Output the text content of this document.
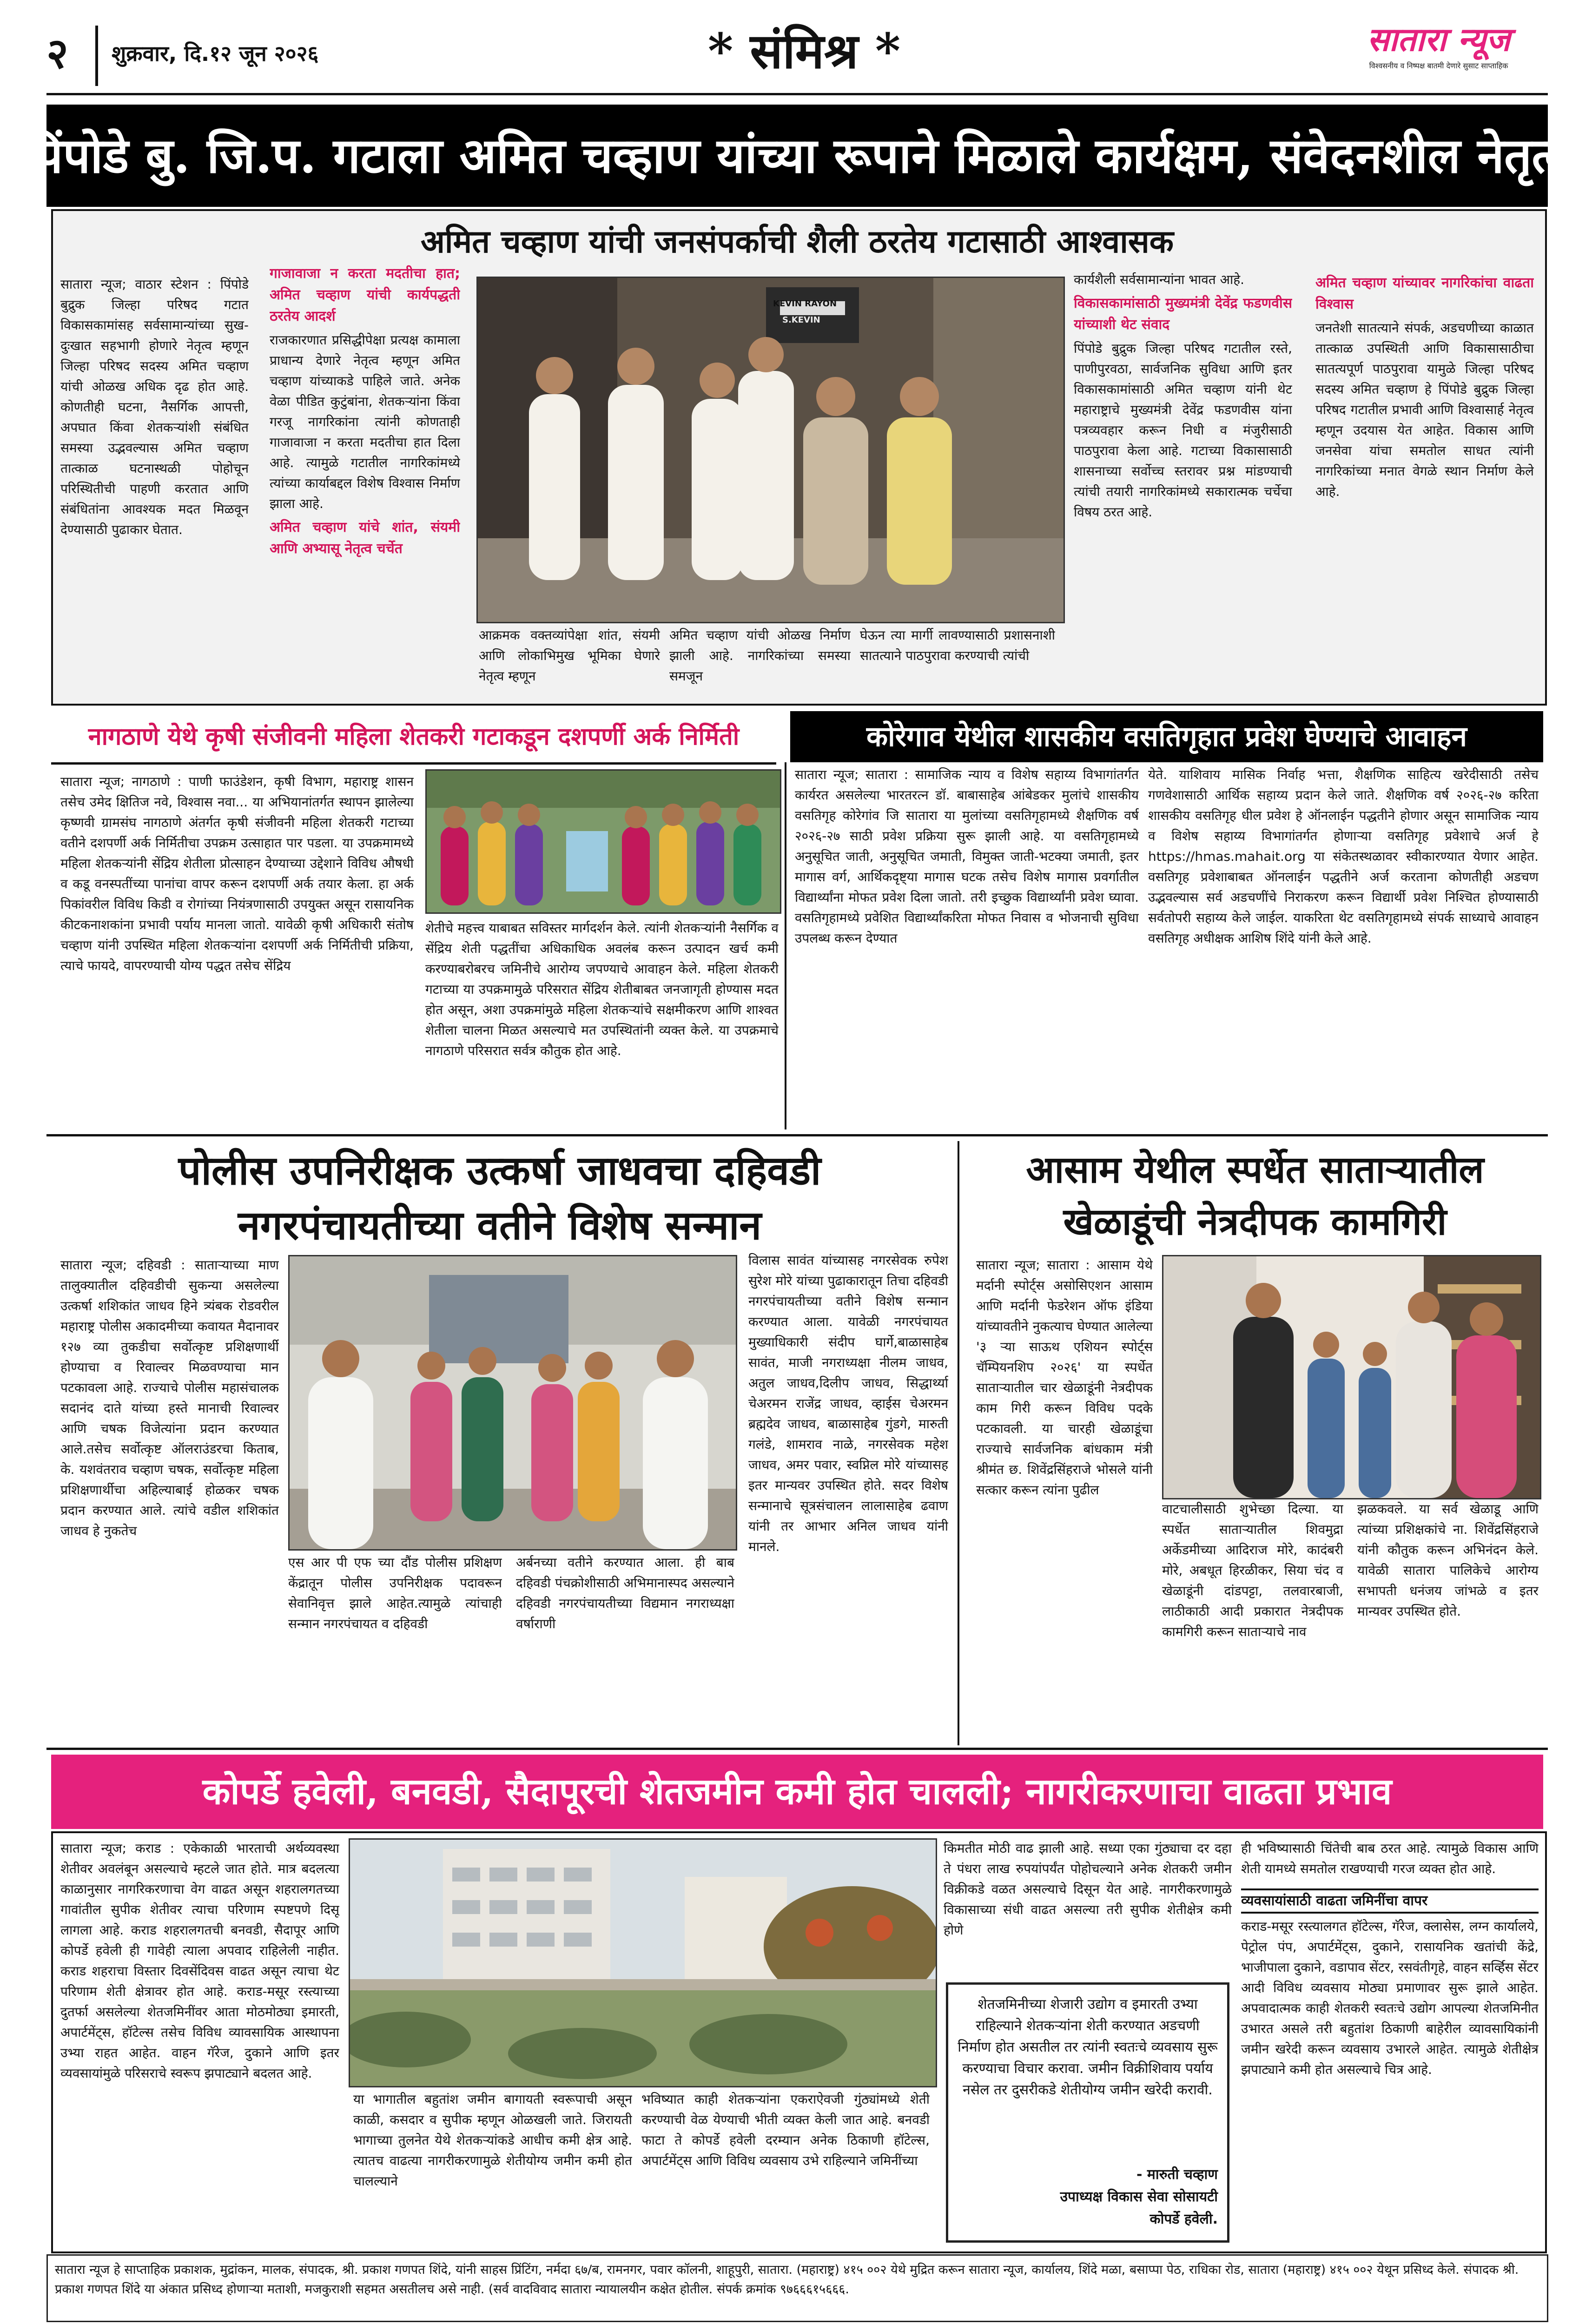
२ शुक्रवार, दि.१२ जून २०२६	* संमिश्र *	सातारा न्यूज
विश्वसनीय व निष्पक्ष बातमी देणारे सुसाट साप्ताहिक
पिंपोडे बु. जि.प. गटाला अमित चव्हाण यांच्या रूपाने मिळाले कार्यक्षम, संवेदनशील नेतृत्व
अमित चव्हाण यांची जनसंपर्काची शैली ठरतेय गटासाठी आश्वासक

सातारा न्यूज; वाठार स्टेशन : पिंपोडे बुद्रुक जिल्हा परिषद गटात विकासकामांसह सर्वसामान्यांच्या सुख-दुःखात सहभागी होणारे नेतृत्व म्हणून जिल्हा परिषद सदस्य अमित चव्हाण यांची ओळख अधिक दृढ होत आहे. कोणतीही घटना, नैसर्गिक आपत्ती, अपघात किंवा शेतकऱ्यांशी संबंधित समस्या उद्भवल्यास अमित चव्हाण तात्काळ घटनास्थळी पोहोचून परिस्थितीची पाहणी करतात आणि संबंधितांना आवश्यक मदत मिळवून देण्यासाठी पुढाकार घेतात.

गाजावाजा न करता मदतीचा हात; अमित चव्हाण यांची कार्यपद्धती ठरतेय आदर्श

राजकारणात प्रसिद्धीपेक्षा प्रत्यक्ष कामाला प्राधान्य देणारे नेतृत्व म्हणून अमित चव्हाण यांच्याकडे पाहिले जाते. अनेक वेळा पीडित कुटुंबांना, शेतकऱ्यांना किंवा गरजू नागरिकांना त्यांनी कोणताही गाजावाजा न करता मदतीचा हात दिला आहे. त्यामुळे गटातील नागरिकांमध्ये त्यांच्या कार्याबद्दल विशेष विश्वास निर्माण झाला आहे.

अमित चव्हाण यांचे शांत, संयमी आणि अभ्यासू नेतृत्व चर्चेत
KEVIN RAYON
S.KEVIN

आक्रमक वक्तव्यांपेक्षा शांत, संयमी आणि लोकाभिमुख भूमिका घेणारे नेतृत्व म्हणून

अमित चव्हाण यांची ओळख निर्माण झाली आहे. नागरिकांच्या समस्या समजून

घेऊन त्या मार्गी लावण्यासाठी प्रशासनाशी सातत्याने पाठपुरावा करण्याची त्यांची

कार्यशैली सर्वसामान्यांना भावत आहे.

विकासकामांसाठी मुख्यमंत्री देवेंद्र फडणवीस यांच्याशी थेट संवाद

पिंपोडे बुद्रुक जिल्हा परिषद गटातील रस्ते, पाणीपुरवठा, सार्वजनिक सुविधा आणि इतर विकासकामांसाठी अमित चव्हाण यांनी थेट महाराष्ट्राचे मुख्यमंत्री देवेंद्र फडणवीस यांना पत्रव्यवहार करून निधी व मंजुरीसाठी पाठपुरावा केला आहे. गटाच्या विकासासाठी शासनाच्या सर्वोच्च स्तरावर प्रश्न मांडण्याची त्यांची तयारी नागरिकांमध्ये सकारात्मक चर्चेचा विषय ठरत आहे.

अमित चव्हाण यांच्यावर नागरिकांचा वाढता विश्वास

जनतेशी सातत्याने संपर्क, अडचणीच्या काळात तात्काळ उपस्थिती आणि विकासासाठीचा सातत्यपूर्ण पाठपुरावा यामुळे जिल्हा परिषद सदस्य अमित चव्हाण हे पिंपोडे बुद्रुक जिल्हा परिषद गटातील प्रभावी आणि विश्वासार्ह नेतृत्व म्हणून उदयास येत आहेत. विकास आणि जनसेवा यांचा समतोल साधत त्यांनी नागरिकांच्या मनात वेगळे स्थान निर्माण केले आहे.

नागठाणे येथे कृषी संजीवनी महिला शेतकरी गटाकडून दशपर्णी अर्क निर्मिती	कोरेगाव येथील शासकीय वसतिगृहात प्रवेश घेण्याचे आवाहन

सातारा न्यूज; नागठाणे : पाणी फाउंडेशन, कृषी विभाग, महाराष्ट्र शासन तसेच उमेद क्षितिज नवे, विश्वास नवा... या अभियानांतर्गत स्थापन झालेल्या कृष्णवी ग्रामसंघ नागठाणे अंतर्गत कृषी संजीवनी महिला शेतकरी गटाच्या वतीने दशपर्णी अर्क निर्मितीचा उपक्रम उत्साहात पार पडला. या उपक्रमामध्ये महिला शेतकऱ्यांनी सेंद्रिय शेतीला प्रोत्साहन देण्याच्या उद्देशाने विविध औषधी व कडू वनस्पतींच्या पानांचा वापर करून दशपर्णी अर्क तयार केला. हा अर्क पिकांवरील विविध किडी व रोगांच्या नियंत्रणासाठी उपयुक्त असून रासायनिक कीटकनाशकांना प्रभावी पर्याय मानला जातो. यावेळी कृषी अधिकारी संतोष चव्हाण यांनी उपस्थित महिला शेतकऱ्यांना दशपर्णी अर्क निर्मितीची प्रक्रिया, त्याचे फायदे, वापरण्याची योग्य पद्धत तसेच सेंद्रिय

शेतीचे महत्त्व याबाबत सविस्तर मार्गदर्शन केले. त्यांनी शेतकऱ्यांनी नैसर्गिक व सेंद्रिय शेती पद्धतींचा अधिकाधिक अवलंब करून उत्पादन खर्च कमी करण्याबरोबरच जमिनीचे आरोग्य जपण्याचे आवाहन केले. महिला शेतकरी गटाच्या या उपक्रमामुळे परिसरात सेंद्रिय शेतीबाबत जनजागृती होण्यास मदत होत असून, अशा उपक्रमांमुळे महिला शेतकऱ्यांचे सक्षमीकरण आणि शाश्वत शेतीला चालना मिळत असल्याचे मत उपस्थितांनी व्यक्त केले. या उपक्रमाचे नागठाणे परिसरात सर्वत्र कौतुक होत आहे.

सातारा न्यूज; सातारा : सामाजिक न्याय व विशेष सहाय्य विभागांतर्गत कार्यरत असलेल्या भारतरत्न डॉ. बाबासाहेब आंबेडकर मुलांचे शासकीय वसतिगृह कोरेगांव जि सातारा या मुलांच्या वसतिगृहामध्ये शैक्षणिक वर्ष २०२६-२७ साठी प्रवेश प्रक्रिया सुरू झाली आहे. या वसतिगृहामध्ये अनुसूचित जाती, अनुसूचित जमाती, विमुक्त जाती-भटक्या जमाती, इतर मागास वर्ग, आर्थिकदृष्ट्या मागास घटक तसेच विशेष मागास प्रवर्गातील विद्यार्थ्यांना मोफत प्रवेश दिला जातो. तरी इच्छुक विद्यार्थ्यांनी प्रवेश घ्यावा. वसतिगृहामध्ये प्रवेशित विद्यार्थ्यांकरिता मोफत निवास व भोजनाची सुविधा उपलब्ध करून देण्यात

येते. याशिवाय मासिक निर्वाह भत्ता, शैक्षणिक साहित्य खरेदीसाठी तसेच गणवेशासाठी आर्थिक सहाय्य प्रदान केले जाते. शैक्षणिक वर्ष २०२६-२७ करिता शासकीय वसतिगृह धील प्रवेश हे ऑनलाईन पद्धतीने होणार असून सामाजिक न्याय व विशेष सहाय्य विभागांतर्गत होणाऱ्या वसतिगृह प्रवेशाचे अर्ज हे https://hmas.mahait.org या संकेतस्थळावर स्वीकारण्यात येणार आहेत. वसतिगृह प्रवेशाबाबत ऑनलाईन पद्धतीने अर्ज करताना कोणतीही अडचण उद्भवल्यास सर्व अडचणींचे निराकरण करून विद्यार्थी प्रवेश निश्चित होण्यासाठी सर्वतोपरी सहाय्य केले जाईल. याकरिता थेट वसतिगृहामध्ये संपर्क साध्याचे आवाहन वसतिगृह अधीक्षक आशिष शिंदे यांनी केले आहे.

पोलीस उपनिरीक्षक उत्कर्षा जाधवचा दहिवडी
नगरपंचायतीच्या वतीने विशेष सन्मान

सातारा न्यूज; दहिवडी : साताऱ्याच्या माण तालुक्यातील दहिवडीची सुकन्या असलेल्या उत्कर्षा शशिकांत जाधव हिने त्र्यंबक रोडवरील महाराष्ट्र पोलीस अकादमीच्या कवायत मैदानावर १२७ व्या तुकडीचा सर्वोत्कृष्ट प्रशिक्षणार्थी होण्याचा व रिवाल्वर मिळवण्याचा मान पटकावला आहे. राज्याचे पोलीस महासंचालक सदानंद दाते यांच्या हस्ते मानाची रिवाल्वर आणि चषक विजेत्यांना प्रदान करण्यात आले.तसेच सर्वोत्कृष्ट ऑलराउंडरचा किताब, के. यशवंतराव चव्हाण चषक, सर्वोत्कृष्ट महिला प्रशिक्षणार्थीचा अहिल्याबाई होळकर चषक प्रदान करण्यात आले. त्यांचे वडील शशिकांत जाधव हे नुकतेच

एस आर पी एफ च्या दौंड पोलीस प्रशिक्षण केंद्रातून पोलीस उपनिरीक्षक पदावरून सेवानिवृत्त झाले आहेत.त्यामुळे त्यांचाही सन्मान नगरपंचायत व दहिवडी

अर्बनच्या वतीने करण्यात आला. ही बाब दहिवडी पंचक्रोशीसाठी अभिमानास्पद असल्याने दहिवडी नगरपंचायतीच्या विद्यमान नगराध्यक्षा वर्षाराणी

विलास सावंत यांच्यासह नगरसेवक रुपेश सुरेश मोरे यांच्या पुढाकारातून तिचा दहिवडी नगरपंचायतीच्या वतीने विशेष सन्मान करण्यात आला. यावेळी नगरपंचायत मुख्याधिकारी संदीप घार्गे,बाळासाहेब सावंत, माजी नगराध्यक्षा नीलम जाधव, अतुल जाधव,दिलीप जाधव, सिद्धार्थ्या चेअरमन राजेंद्र जाधव, व्हाईस चेअरमन ब्रह्मदेव जाधव, बाळासाहेब गुंडगे, मारुती गलंडे, शामराव नाळे, नगरसेवक महेश जाधव, अमर पवार, स्वप्निल मोरे यांच्यासह इतर मान्यवर उपस्थित होते. सदर विशेष सन्मानाचे सूत्रसंचालन लालासाहेब ढवाण यांनी तर आभार अनिल जाधव यांनी मानले.

आसाम येथील स्पर्धेत साताऱ्यातील
खेळाडूंची नेत्रदीपक कामगिरी

सातारा न्यूज; सातारा : आसाम येथे मर्दानी स्पोर्ट्स असोसिएशन आसाम आणि मर्दानी फेडरेशन ऑफ इंडिया यांच्यावतीने नुकत्याच घेण्यात आलेल्या '३ ऱ्या साऊथ एशियन स्पोर्ट्स चॅम्पियनशिप २०२६' या स्पर्धेत साताऱ्यातील चार खेळाडूंनी नेत्रदीपक काम गिरी करून विविध पदके पटकावली. या चारही खेळाडूंचा राज्याचे सार्वजनिक बांधकाम मंत्री श्रीमंत छ. शिवेंद्रसिंहराजे भोसले यांनी सत्कार करून त्यांना पुढील

वाटचालीसाठी शुभेच्छा दिल्या. या स्पर्धेत साताऱ्यातील शिवमुद्रा अर्केडमीच्या आदिराज मोरे, कादंबरी मोरे, अबधूत हिरळीकर, सिया चंद व खेळाडूंनी दांडपट्टा, तलवारबाजी, लाठीकाठी आदी प्रकारात नेत्रदीपक कामगिरी करून साताऱ्याचे नाव

झळकवले. या सर्व खेळाडू आणि त्यांच्या प्रशिक्षकांचे ना. शिवेंद्रसिंहराजे यांनी कौतुक करून अभिनंदन केले. यावेळी सातारा पालिकेचे आरोग्य सभापती धनंजय जांभळे व इतर मान्यवर उपस्थित होते.

कोपर्डे हवेली, बनवडी, सैदापूरची शेतजमीन कमी होत चालली; नागरीकरणाचा वाढता प्रभाव

सातारा न्यूज; कराड : एकेकाळी भारताची अर्थव्यवस्था शेतीवर अवलंबून असल्याचे म्हटले जात होते. मात्र बदलत्या काळानुसार नागरिकरणाचा वेग वाढत असून शहरालगतच्या गावांतील सुपीक शेतीवर त्याचा परिणाम स्पष्टपणे दिसू लागला आहे. कराड शहरालगतची बनवडी, सैदापूर आणि कोपर्डे हवेली ही गावेही त्याला अपवाद राहिलेली नाहीत. कराड शहराचा विस्तार दिवसेंदिवस वाढत असून त्याचा थेट परिणाम शेती क्षेत्रावर होत आहे. कराड-मसूर रस्त्याच्या दुतर्फा असलेल्या शेतजमिनींवर आता मोठमोठ्या इमारती, अपार्टमेंट्स, हॉटेल्स तसेच विविध व्यावसायिक आस्थापना उभ्या राहत आहेत. वाहन गॅरेज, दुकाने आणि इतर व्यवसायांमुळे परिसराचे स्वरूप झपाट्याने बदलत आहे.

या भागातील बहुतांश जमीन बागायती स्वरूपाची असून काळी, कसदार व सुपीक म्हणून ओळखली जाते. जिरायती भागाच्या तुलनेत येथे शेतकऱ्यांकडे आधीच कमी क्षेत्र आहे. त्यातच वाढत्या नागरीकरणामुळे शेतीयोग्य जमीन कमी होत चालल्याने

भविष्यात काही शेतकऱ्यांना एकराऐवजी गुंठ्यांमध्ये शेती करण्याची वेळ येण्याची भीती व्यक्त केली जात आहे. बनवडी फाटा ते कोपर्डे हवेली दरम्यान अनेक ठिकाणी हॉटेल्स, अपार्टमेंट्स आणि विविध व्यवसाय उभे राहिल्याने जमिनींच्या

किमतीत मोठी वाढ झाली आहे. सध्या एका गुंठ्याचा दर दहा ते पंधरा लाख रुपयांपर्यंत पोहोचल्याने अनेक शेतकरी जमीन विक्रीकडे वळत असल्याचे दिसून येत आहे. नागरीकरणामुळे विकासाच्या संधी वाढत असल्या तरी सुपीक शेतीक्षेत्र कमी होणे

शेतजमिनीच्या शेजारी उद्योग व इमारती उभ्या राहिल्याने शेतकऱ्यांना शेती करण्यात अडचणी निर्माण होत असतील तर त्यांनी स्वतःचे व्यवसाय सुरू करण्याचा विचार करावा. जमीन विक्रीशिवाय पर्याय नसेल तर दुसरीकडे शेतीयोग्य जमीन खरेदी करावी.

- मारुती चव्हाण
उपाध्यक्ष विकास सेवा सोसायटी
कोपर्डे हवेली.

ही भविष्यासाठी चिंतेची बाब ठरत आहे. त्यामुळे विकास आणि शेती यामध्ये समतोल राखण्याची गरज व्यक्त होत आहे.

व्यवसायांसाठी वाढता जमिनींचा वापर

कराड-मसूर रस्त्यालगत हॉटेल्स, गॅरेज, क्लासेस, लग्न कार्यालये, पेट्रोल पंप, अपार्टमेंट्स, दुकाने, रासायनिक खतांची केंद्रे, भाजीपाला दुकाने, वडापाव सेंटर, रसवंतीगृहे, वाहन सर्व्हिस सेंटर आदी विविध व्यवसाय मोठ्या प्रमाणावर सुरू झाले आहेत. अपवादात्मक काही शेतकरी स्वतःचे उद्योग आपल्या शेतजमिनीत उभारत असले तरी बहुतांश ठिकाणी बाहेरील व्यावसायिकांनी जमीन खरेदी करून व्यवसाय उभारले आहेत. त्यामुळे शेतीक्षेत्र झपाट्याने कमी होत असल्याचे चित्र आहे.

सातारा न्यूज हे साप्ताहिक प्रकाशक, मुद्रांकन, मालक, संपादक, श्री. प्रकाश गणपत शिंदे, यांनी साहस प्रिंटिंग, नर्मदा ६७/ब, रामनगर, पवार कॉलनी, शाहूपुरी, सातारा. (महाराष्ट्र) ४१५ ००२ येथे मुद्रित करून सातारा न्यूज, कार्यालय, शिंदे मळा, बसाप्पा पेठ, राधिका रोड, सातारा (महाराष्ट्र) ४१५ ००२ येथून प्रसिध्द केले. संपादक श्री. प्रकाश गणपत शिंदे या अंकात प्रसिध्द होणाऱ्या मताशी, मजकुराशी सहमत असतीलच असे नाही. (सर्व वादविवाद सातारा न्यायालयीन कक्षेत होतील. संपर्क क्रमांक ९७६६६१५६६६.
